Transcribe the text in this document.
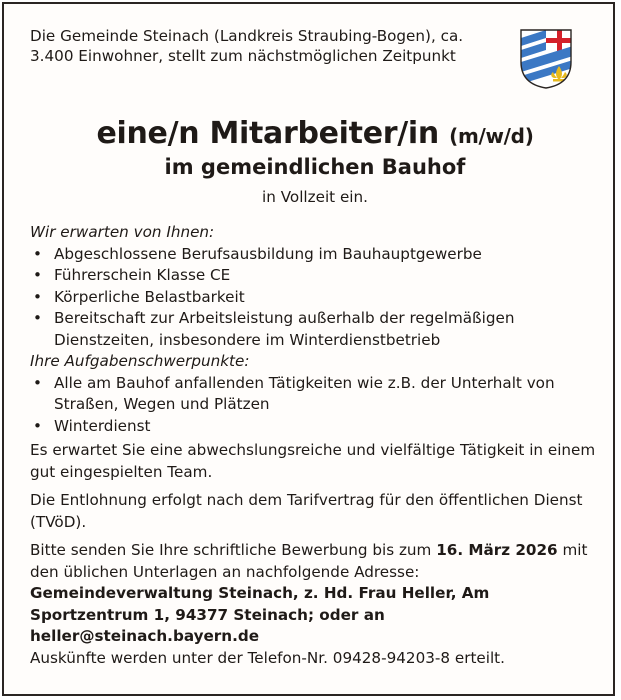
Die Gemeinde Steinach (Landkreis Straubing-Bogen), ca. 3.400 Einwohner, stellt zum nächstmöglichen Zeitpunkt
eine/n Mitarbeiter/in (m/w/d)
im gemeindlichen Bauhof
in Vollzeit ein.
Wir erwarten von Ihnen:
• Abgeschlossene Berufsausbildung im Bauhauptgewerbe
• Führerschein Klasse CE
• Körperliche Belastbarkeit
• Bereitschaft zur Arbeitsleistung außerhalb der regelmäßigen Dienstzeiten, insbesondere im Winterdienstbetrieb
Ihre Aufgabenschwerpunkte:
• Alle am Bauhof anfallenden Tätigkeiten wie z.B. der Unterhalt von Straßen, Wegen und Plätzen
• Winterdienst

Es erwartet Sie eine abwechslungsreiche und vielfältige Tätigkeit in einem gut eingespielten Team.

Die Entlohnung erfolgt nach dem Tarifvertrag für den öffentlichen Dienst (TVöD).

Bitte senden Sie Ihre schriftliche Bewerbung bis zum 16. März 2026 mit den üblichen Unterlagen an nachfolgende Adresse:

Gemeindeverwaltung Steinach, z. Hd. Frau Heller, Am Sportzentrum 1, 94377 Steinach; oder an heller@steinach.bayern.de

Auskünfte werden unter der Telefon-Nr. 09428-94203-8 erteilt.
